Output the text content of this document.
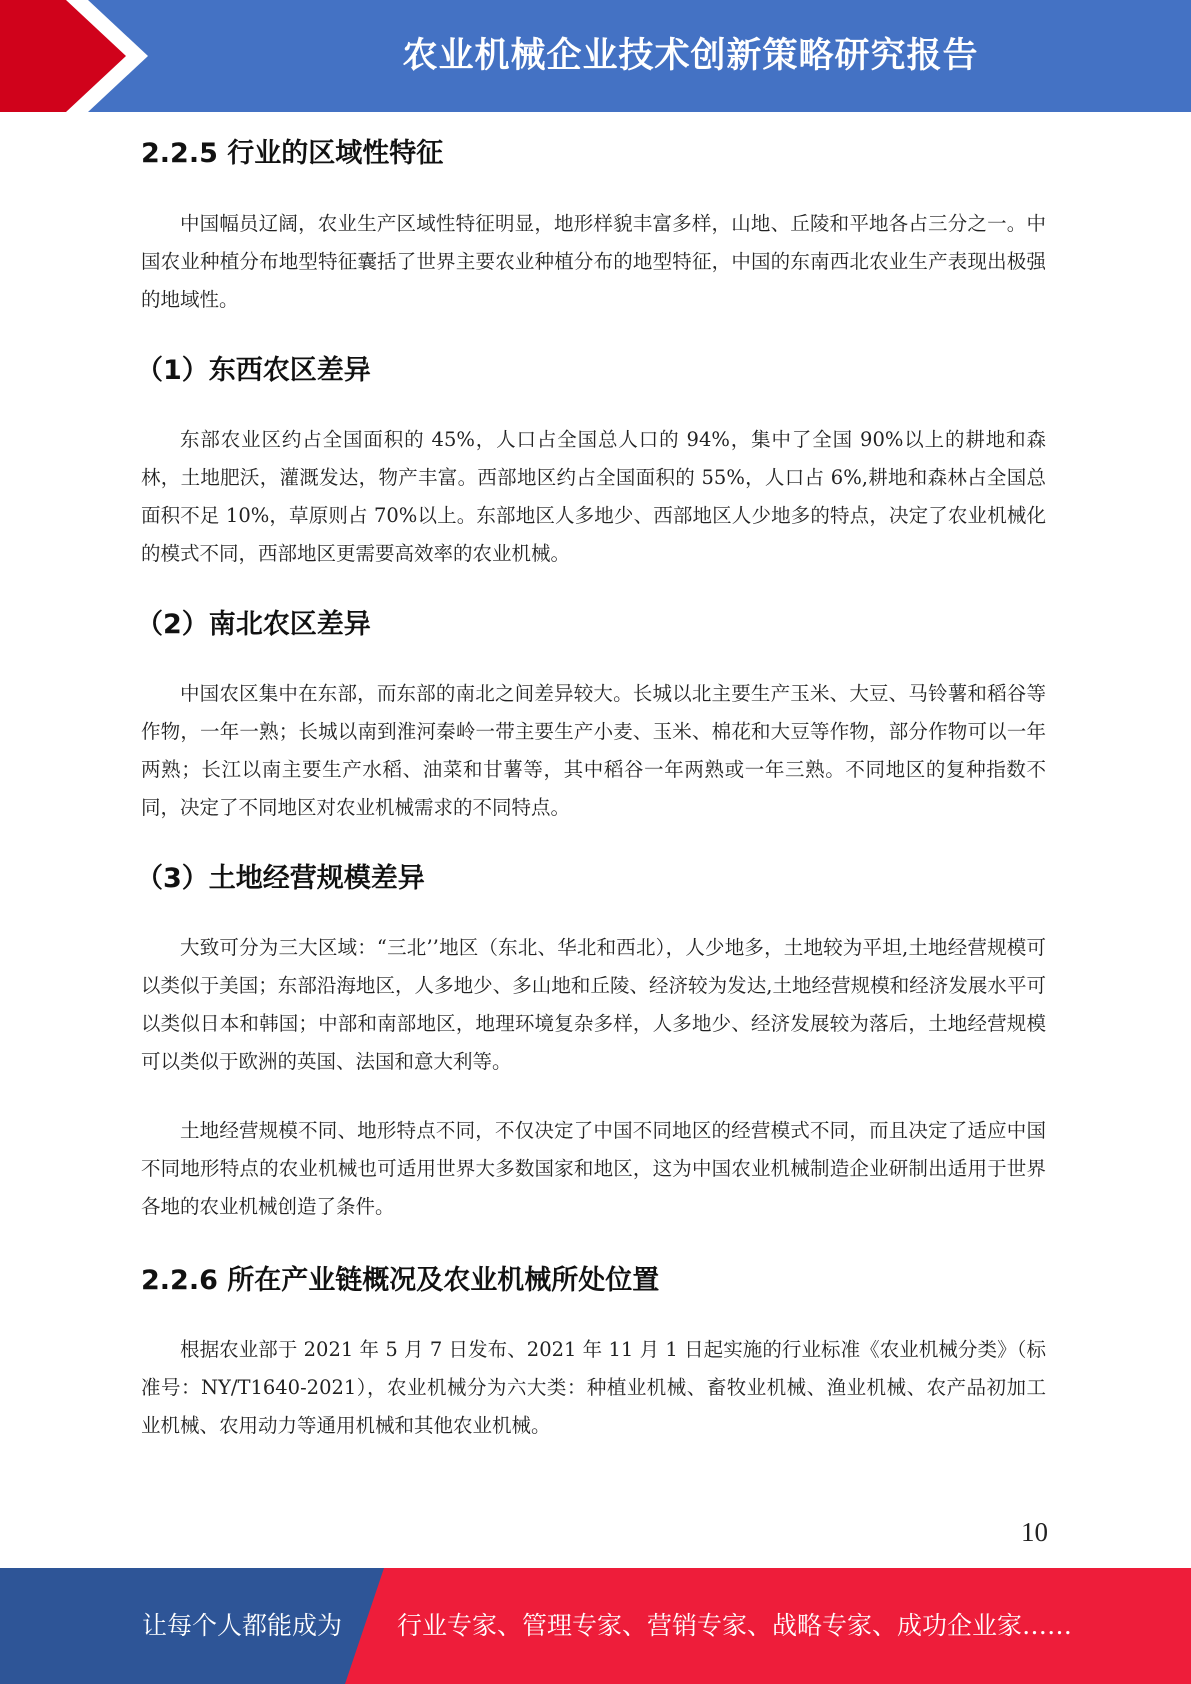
农业机械企业技术创新策略研究报告
2.2.5 行业的区域性特征
中国幅员辽阔，农业生产区域性特征明显，地形样貌丰富多样，山地、丘陵和平地各占三分之一。中国农业种植分布地型特征囊括了世界主要农业种植分布的地型特征，中国的东南西北农业生产表现出极强的地域性。
（1）东西农区差异
东部农业区约占全国面积的 45%，人口占全国总人口的 94%，集中了全国 90%以上的耕地和森林，土地肥沃，灌溉发达，物产丰富。西部地区约占全国面积的 55%，人口占 6%,耕地和森林占全国总面积不足 10%，草原则占 70%以上。东部地区人多地少、西部地区人少地多的特点，决定了农业机械化的模式不同，西部地区更需要高效率的农业机械。
（2）南北农区差异
中国农区集中在东部，而东部的南北之间差异较大。长城以北主要生产玉米、大豆、马铃薯和稻谷等作物，一年一熟；长城以南到淮河秦岭一带主要生产小麦、玉米、棉花和大豆等作物，部分作物可以一年两熟；长江以南主要生产水稻、油菜和甘薯等，其中稻谷一年两熟或一年三熟。不同地区的复种指数不同，决定了不同地区对农业机械需求的不同特点。
（3）土地经营规模差异
大致可分为三大区域：“三北’’地区（东北、华北和西北），人少地多，土地较为平坦,土地经营规模可以类似于美国；东部沿海地区，人多地少、多山地和丘陵、经济较为发达,土地经营规模和经济发展水平可以类似日本和韩国；中部和南部地区，地理环境复杂多样，人多地少、经济发展较为落后，土地经营规模可以类似于欧洲的英国、法国和意大利等。
土地经营规模不同、地形特点不同，不仅决定了中国不同地区的经营模式不同，而且决定了适应中国不同地形特点的农业机械也可适用世界大多数国家和地区，这为中国农业机械制造企业研制出适用于世界各地的农业机械创造了条件。
2.2.6 所在产业链概况及农业机械所处位置
根据农业部于 2021 年 5 月 7 日发布、2021 年 11 月 1 日起实施的行业标准《农业机械分类》（标准号：NY/T1640-2021），农业机械分为六大类：种植业机械、畜牧业机械、渔业机械、农产品初加工业机械、农用动力等通用机械和其他农业机械。
10
让每个人都能成为 行业专家、管理专家、营销专家、战略专家、成功企业家……
